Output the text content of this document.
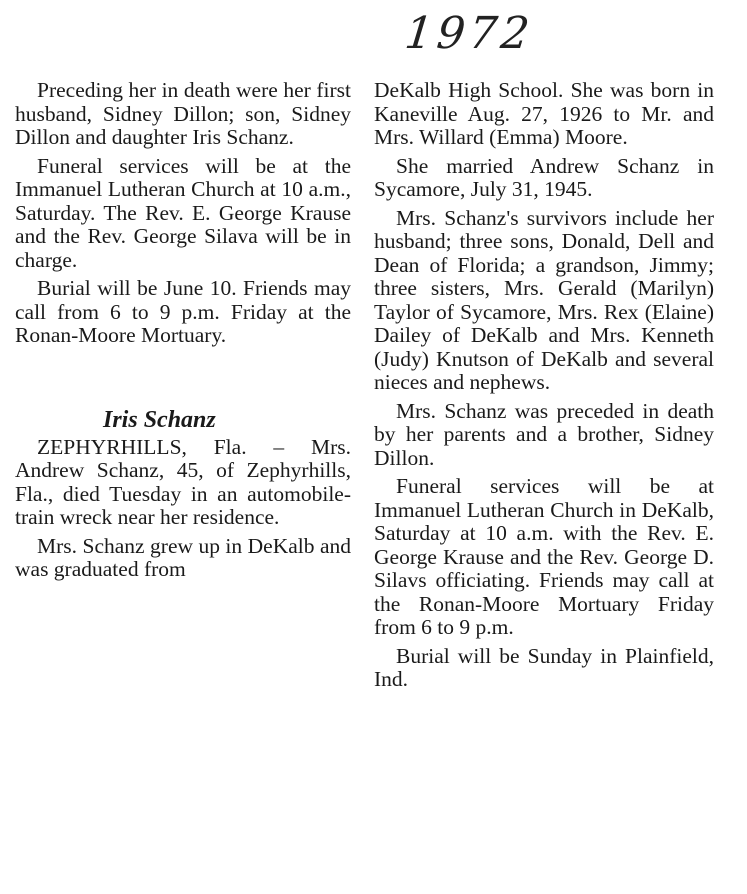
1972

Preceding her in death were her first husband, Sidney Dillon; son, Sidney Dillon and daughter Iris Schanz.

Funeral services will be at the Immanuel Lutheran Church at 10 a.m., Saturday. The Rev. E. George Krause and the Rev. George Silava will be in charge.

Burial will be June 10. Friends may call from 6 to 9 p.m. Friday at the Ronan-Moore Mortuary.

Iris Schanz

ZEPHYRHILLS, Fla. – Mrs. Andrew Schanz, 45, of Zephyrhills, Fla., died Tuesday in an automobile-train wreck near her residence.

Mrs. Schanz grew up in DeKalb and was graduated from

DeKalb High School. She was born in Kaneville Aug. 27, 1926 to Mr. and Mrs. Willard (Emma) Moore.

She married Andrew Schanz in Sycamore, July 31, 1945.

Mrs. Schanz's survivors include her husband; three sons, Donald, Dell and Dean of Florida; a grandson, Jimmy; three sisters, Mrs. Gerald (Marilyn) Taylor of Sycamore, Mrs. Rex (Elaine) Dailey of DeKalb and Mrs. Kenneth (Judy) Knutson of DeKalb and several nieces and nephews.

Mrs. Schanz was preceded in death by her parents and a brother, Sidney Dillon.

Funeral services will be at Immanuel Lutheran Church in DeKalb, Saturday at 10 a.m. with the Rev. E. George Krause and the Rev. George D. Silavs officiating. Friends may call at the Ronan-Moore Mortuary Friday from 6 to 9 p.m.

Burial will be Sunday in Plainfield, Ind.
